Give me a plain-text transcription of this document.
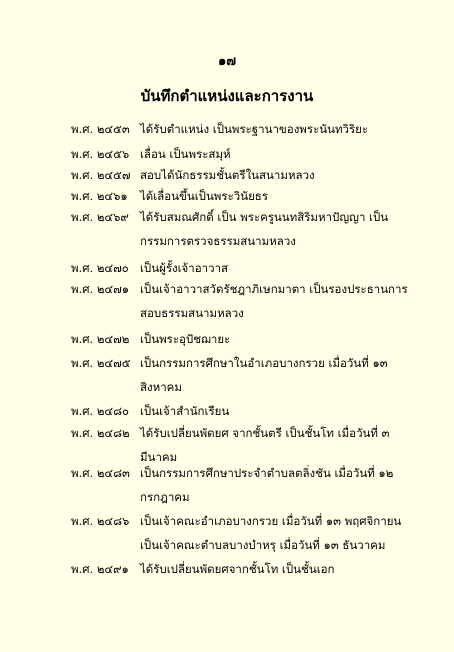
๑๗
บันทึกตำแหน่งและการงาน
พ.ศ. ๒๔๕๓ ได้รับตำแหน่ง เป็นพระฐานาของพระนันทวิริยะ
พ.ศ. ๒๔๕๖ เลื่อน เป็นพระสมุห์
พ.ศ. ๒๔๕๗ สอบได้นักธรรมชั้นตรีในสนามหลวง
พ.ศ. ๒๔๖๑	ได้เลื่อนขึ้นเป็นพระวินัยธร
พ.ศ. ๒๔๖๙ ได้รับสมณศักดิ์ เป็น พระครูนนทสิริมหาปัญญา เป็น
กรรมการตรวจธรรมสนามหลวง
พ.ศ. ๒๔๗๐ เป็นผู้รั้งเจ้าอาวาส
พ.ศ. ๒๔๗๑ เป็นเจ้าอาวาสวัดรัชฎาภิเษกมาตา เป็นรองประธานการ
สอบธรรมสนามหลวง
พ.ศ. ๒๔๗๒ เป็นพระอุปัชฌายะ
พ.ศ. ๒๔๗๕ เป็นกรรมการศึกษาในอำเภอบางกรวย เมื่อวันที่ ๑๓
สิงหาคม
พ.ศ. ๒๔๘๐ เป็นเจ้าสำนักเรียน
พ.ศ. ๒๔๘๒ ได้รับเปลี่ยนพัดยศ จากชั้นตรี เป็นชั้นโท เมื่อวันที่ ๓
มีนาคม
พ.ศ. ๒๔๘๓ เป็นกรรมการศึกษาประจำตำบลตลิ่งชัน เมื่อวันที่ ๑๒
กรกฎาคม
พ.ศ. ๒๔๘๖ เป็นเจ้าคณะอำเภอบางกรวย เมื่อวันที่ ๑๓ พฤศจิกายน
เป็นเจ้าคณะตำบลบางบำหรุ เมื่อวันที่ ๑๓ ธันวาคม
พ.ศ. ๒๔๙๑ ได้รับเปลี่ยนพัดยศจากชั้นโท เป็นชั้นเอก
